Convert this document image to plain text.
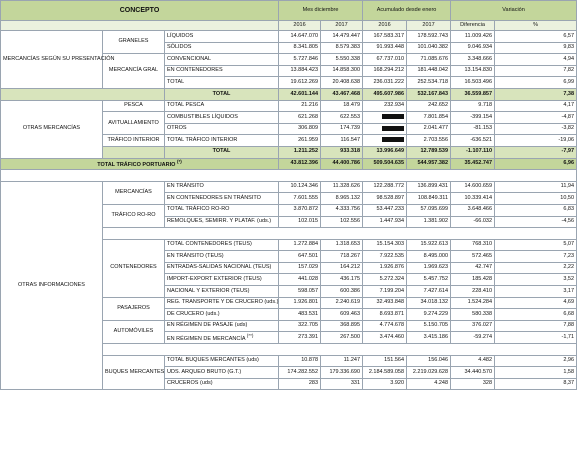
CONCEPTO			Mes diciembre		Acumulado desde enero		Variación	
			2016	2017	2016	2017	Diferencia	%
MERCANCÍAS SEGÚN SU PRESENTACIÓN	GRANELES	LÍQUIDOS	14.647.070	14.479.447	167.583.317	178.592.743	11.009.426	6,57
		SÓLIDOS	8.341.805	8.579.383	91.993.448	101.040.382	9.046.934	9,83
	MERCANCÍA GRAL	CONVENCIONAL	5.727.846	5.550.338	67.737.010	71.085.676	3.348.666	4,94
		EN CONTENEDORES	13.884.423	14.858.300	168.294.212	181.448.042	13.154.830	7,82
		TOTAL	19.612.269	20.408.638	236.031.222	252.534.718	16.503.496	6,99
		TOTAL	42.601.144	43.467.468	495.607.986	532.167.843	36.559.857	7,38
OTRAS MERCANCÍAS	PESCA	TOTAL PESCA	21.216	18.479	232.934	242.652	9.718	4,17
	AVITUALLAMIENTO	COMBUSTIBLES LÍQUIDOS	621.268	622.553		7.801.854	-399.154	-4,87
		OTROS	306.809	174.739		2.041.477	-81.153	-3,82
	TRÁFICO INTERIOR	TOTAL TRÁFICO INTERIOR	261.959	116.547		2.703.556	-636.521	-19,06
		TOTAL	1.211.252	933.318	13.996.649	12.789.539	-1.107.110	-7,97
TOTAL TRÁFICO PORTUARIO (*)			43.812.396	44.400.786	509.504.635	544.957.382	35.452.747	6,96

OTRAS INFORMACIONES	MERCANCÍAS	EN TRÁNSITO	10.124.346	11.328.626	122.288.772	136.899.431	14.600.659	11,94
		EN CONTENEDORES EN TRÁNSITO	7.601.555	8.965.132	98.528.897	108.849.311	10.339.414	10,50
	TRÁFICO RO-RO	TOTAL TRÁFICO RO-RO	3.870.872	4.333.756	53.447.233	57.095.699	3.648.466	6,83
		REMOLQUES, SEMIRR. Y PLATAF. (uds.)	102.015	102.556	1.447.934	1.381.902	-66.032	-4,56

	CONTENEDORES	TOTAL CONTENEDORES (TEUS)	1.272.884	1.318.653	15.154.303	15.922.613	768.310	5,07
		EN TRÁNSITO (TEUS)	647.501	718.267	7.922.535	8.495.000	572.465	7,23
		ENTRADAS-SALIDAS NACIONAL (TEUS)	157.029	164.212	1.926.876	1.969.623	42.747	2,22
		IMPORT-EXPORT EXTERIOR (TEUS)	441.028	436.175	5.272.324	5.457.752	185.428	3,52
		NACIONAL Y EXTERIOR (TEUS)	598.057	600.386	7.199.204	7.427.614	228.410	3,17
	PASAJEROS	REG. TRANSPORTE Y DE CRUCERO (uds.)	1.926.801	2.240.619	32.493.848	34.018.132	1.524.284	4,69
		DE CRUCERO (uds.)	483.531	609.463	8.693.871	9.274.229	580.338	6,68
	AUTOMÓVILES	EN RÉGIMEN DE PASAJE (uds)	322.705	368.895	4.774.678	5.150.705	376.027	7,88
		EN RÉGIMEN DE MERCANCÍA (**)	273.391	267.500	3.474.460	3.415.186	-59.274	-1,71

	BUQUES MERCANTES	TOTAL BUQUES MERCANTES (uds)	10.878	11.247	151.564	156.046	4.482	2,96
		UDS. ARQUEO BRUTO (G.T.)	174.282.552	179.336.690	2.184.589.058	2.219.029.628	34.440.570	1,58
		CRUCEROS (uds)	283	331	3.920	4.248	328	8,37
